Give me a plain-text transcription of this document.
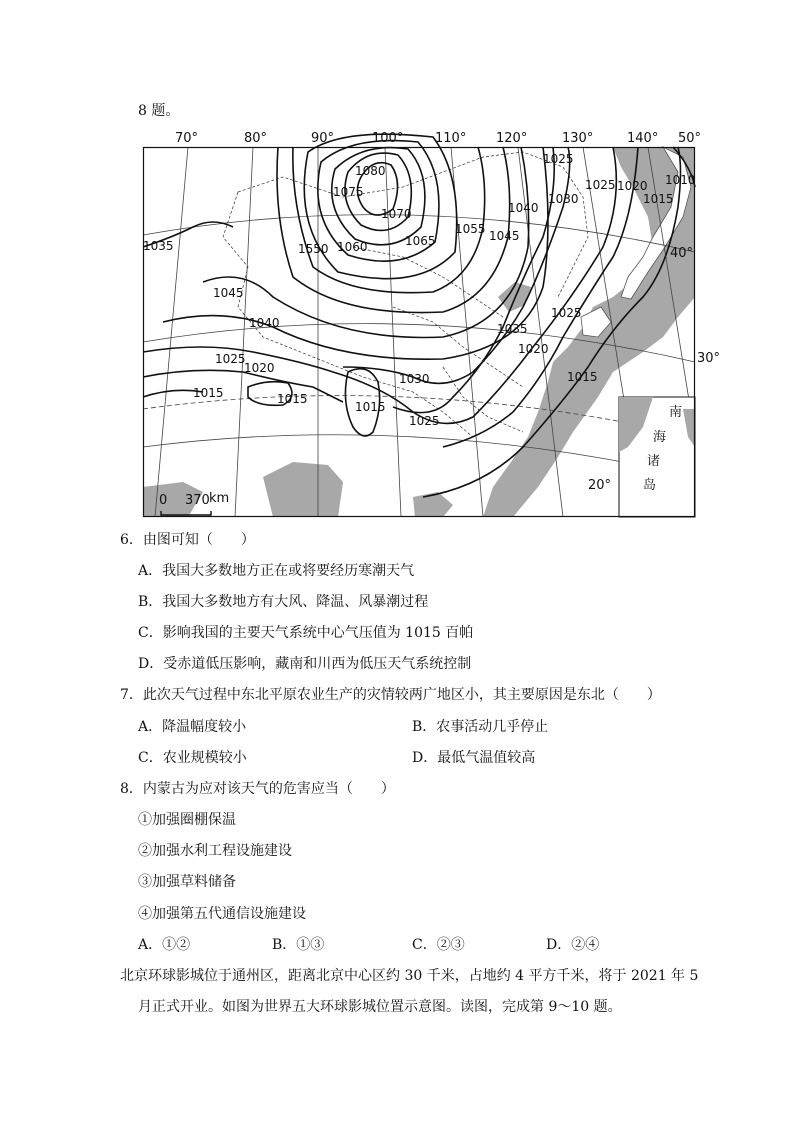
8 题。
1080
1075
1070
1065
1060
1055
1550
1045
1040
1035
1030
1025
1025 1020
1015
1015	1015
1015
1010
1035
1040
1045
1030
1025
1025
1020
1015
1020
1025
40°
30°
20°
南
海
诸
岛
0 370 km
70°	80°	90°	100° 110° 120°	130°	140° 50°
6．由图可知（　　）
A．我国大多数地方正在或将要经历寒潮天气
B．我国大多数地方有大风、降温、风暴潮过程
C．影响我国的主要天气系统中心气压值为 1015 百帕
D．受赤道低压影响，藏南和川西为低压天气系统控制
7．此次天气过程中东北平原农业生产的灾情较两广地区小，其主要原因是东北（　　）
A．降温幅度较小	B．农事活动几乎停止
C．农业规模较小	D．最低气温值较高
8．内蒙古为应对该天气的危害应当（　　）
①加强圈棚保温
②加强水利工程设施建设
③加强草料储备
④加强第五代通信设施建设
A．①②	B．①③	C．②③	D．②④
北京环球影城位于通州区，距离北京中心区约 30 千米，占地约 4 平方千米，将于 2021 年 5
月正式开业。如图为世界五大环球影城位置示意图。读图，完成第 9～10 题。
